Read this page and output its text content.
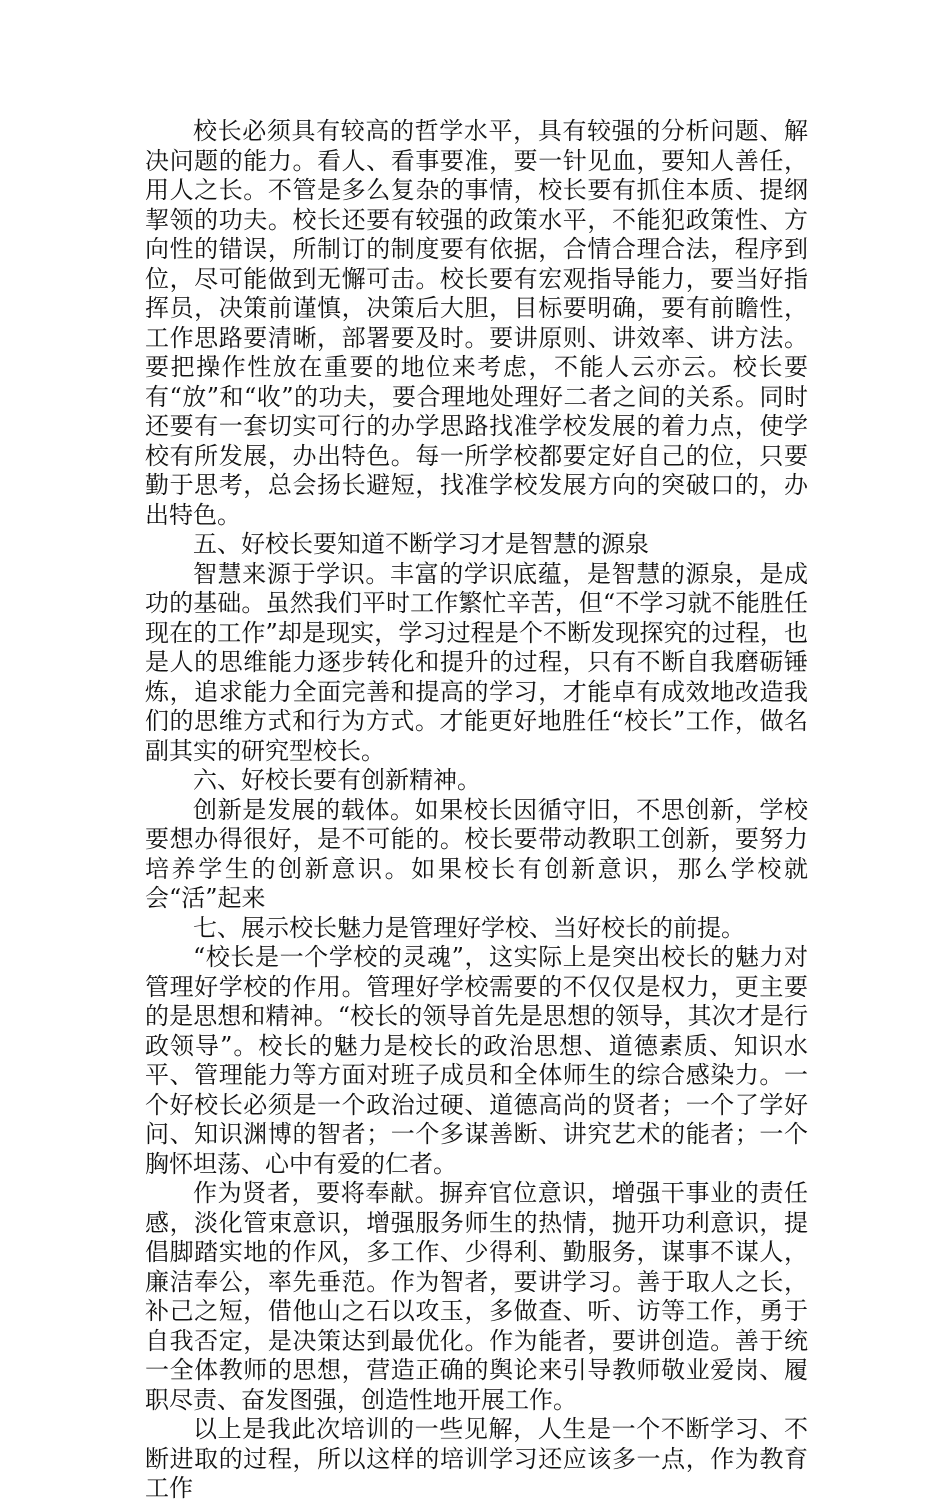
校长必须具有较高的哲学水平，具有较强的分析问题、解决问题的能力。看人、看事要准，要一针见血，要知人善任，用人之长。不管是多么复杂的事情，校长要有抓住本质、提纲挈领的功夫。校长还要有较强的政策水平，不能犯政策性、方向性的错误，所制订的制度要有依据，合情合理合法，程序到位，尽可能做到无懈可击。校长要有宏观指导能力，要当好指挥员，决策前谨慎，决策后大胆，目标要明确，要有前瞻性，工作思路要清晰，部署要及时。要讲原则、讲效率、讲方法。要把操作性放在重要的地位来考虑，不能人云亦云。校长要有“放”和“收”的功夫，要合理地处理好二者之间的关系。同时还要有一套切实可行的办学思路找准学校发展的着力点，使学校有所发展，办出特色。每一所学校都要定好自己的位，只要勤于思考，总会扬长避短，找准学校发展方向的突破口的，办出特色。

五、好校长要知道不断学习才是智慧的源泉

智慧来源于学识。丰富的学识底蕴，是智慧的源泉，是成功的基础。虽然我们平时工作繁忙辛苦，但“不学习就不能胜任现在的工作”却是现实，学习过程是个不断发现探究的过程，也是人的思维能力逐步转化和提升的过程，只有不断自我磨砺锤炼，追求能力全面完善和提高的学习，才能卓有成效地改造我们的思维方式和行为方式。才能更好地胜任“校长”工作，做名副其实的研究型校长。

六、好校长要有创新精神。

创新是发展的载体。如果校长因循守旧，不思创新，学校要想办得很好，是不可能的。校长要带动教职工创新，要努力培养学生的创新意识。如果校长有创新意识，那么学校就会“活”起来

七、展示校长魅力是管理好学校、当好校长的前提。

“校长是一个学校的灵魂”，这实际上是突出校长的魅力对管理好学校的作用。管理好学校需要的不仅仅是权力，更主要的是思想和精神。“校长的领导首先是思想的领导，其次才是行政领导”。校长的魅力是校长的政治思想、道德素质、知识水平、管理能力等方面对班子成员和全体师生的综合感染力。一个好校长必须是一个政治过硬、道德高尚的贤者；一个了学好问、知识渊博的智者；一个多谋善断、讲究艺术的能者；一个胸怀坦荡、心中有爱的仁者。

作为贤者，要将奉献。摒弃官位意识，增强干事业的责任感，淡化管束意识，增强服务师生的热情，抛开功利意识，提倡脚踏实地的作风，多工作、少得利、勤服务，谋事不谋人，廉洁奉公，率先垂范。作为智者，要讲学习。善于取人之长，补己之短，借他山之石以攻玉，多做查、听、访等工作，勇于自我否定，是决策达到最优化。作为能者，要讲创造。善于统一全体教师的思想，营造正确的舆论来引导教师敬业爱岗、履职尽责、奋发图强，创造性地开展工作。

以上是我此次培训的一些见解，人生是一个不断学习、不断进取的过程，所以这样的培训学习还应该多一点，作为教育工作
